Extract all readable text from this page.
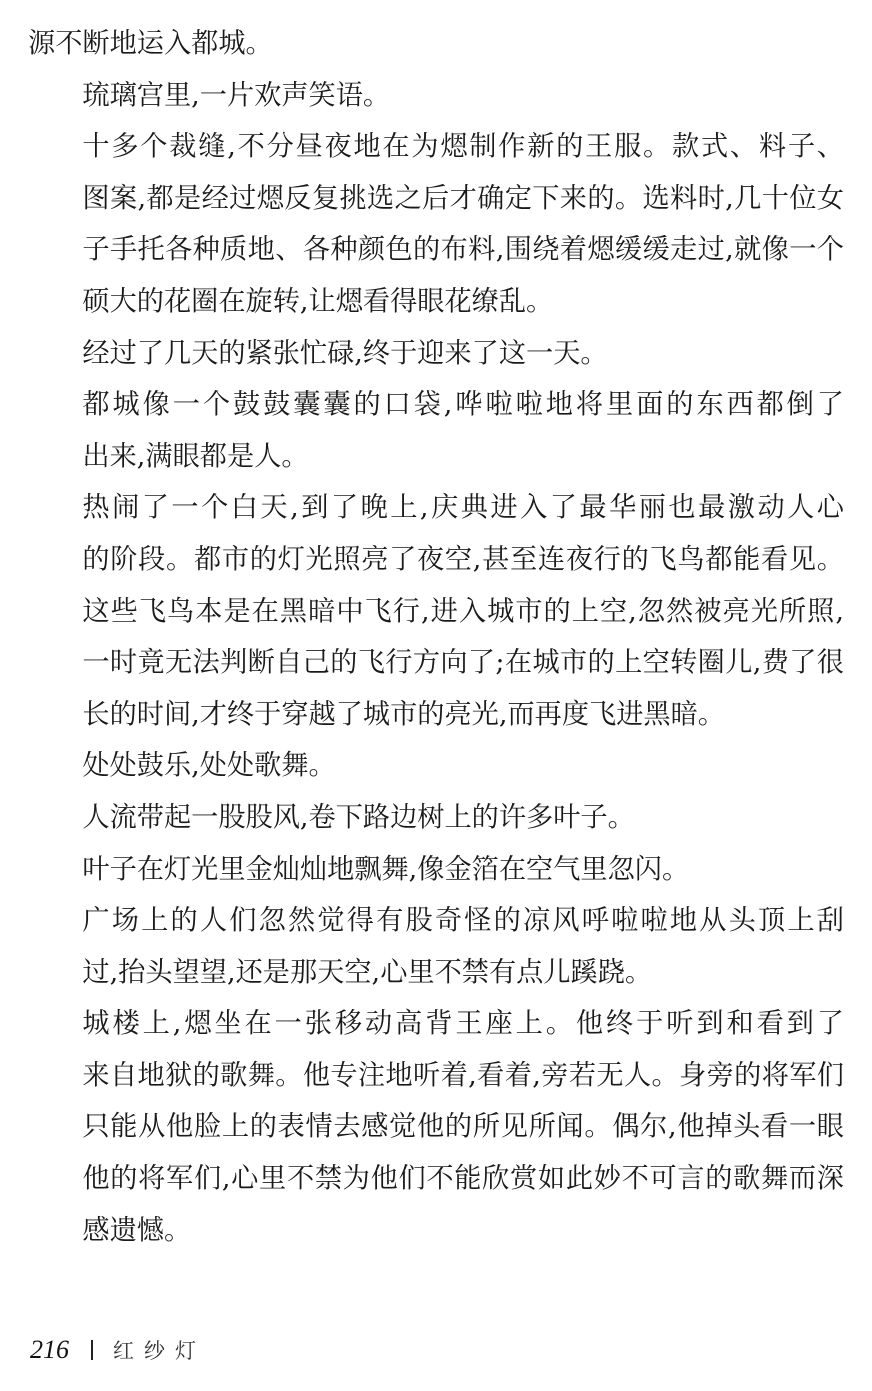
源不断地运入都城。
琉璃宫里,一片欢声笑语。
十多个裁缝,不分昼夜地在为煾制作新的王服。款式、料子、
图案,都是经过煾反复挑选之后才确定下来的。选料时,几十位女
子手托各种质地、各种颜色的布料,围绕着煾缓缓走过,就像一个
硕大的花圈在旋转,让煾看得眼花缭乱。
经过了几天的紧张忙碌,终于迎来了这一天。
都城像一个鼓鼓囊囊的口袋,哗啦啦地将里面的东西都倒了
出来,满眼都是人。
热闹了一个白天,到了晚上,庆典进入了最华丽也最激动人心
的阶段。都市的灯光照亮了夜空,甚至连夜行的飞鸟都能看见。
这些飞鸟本是在黑暗中飞行,进入城市的上空,忽然被亮光所照,
一时竟无法判断自己的飞行方向了;在城市的上空转圈儿,费了很
长的时间,才终于穿越了城市的亮光,而再度飞进黑暗。
处处鼓乐,处处歌舞。
人流带起一股股风,卷下路边树上的许多叶子。
叶子在灯光里金灿灿地飘舞,像金箔在空气里忽闪。
广场上的人们忽然觉得有股奇怪的凉风呼啦啦地从头顶上刮
过,抬头望望,还是那天空,心里不禁有点儿蹊跷。
城楼上,煾坐在一张移动高背王座上。他终于听到和看到了
来自地狱的歌舞。他专注地听着,看着,旁若无人。身旁的将军们
只能从他脸上的表情去感觉他的所见所闻。偶尔,他掉头看一眼
他的将军们,心里不禁为他们不能欣赏如此妙不可言的歌舞而深
感遗憾。
216 红纱灯
